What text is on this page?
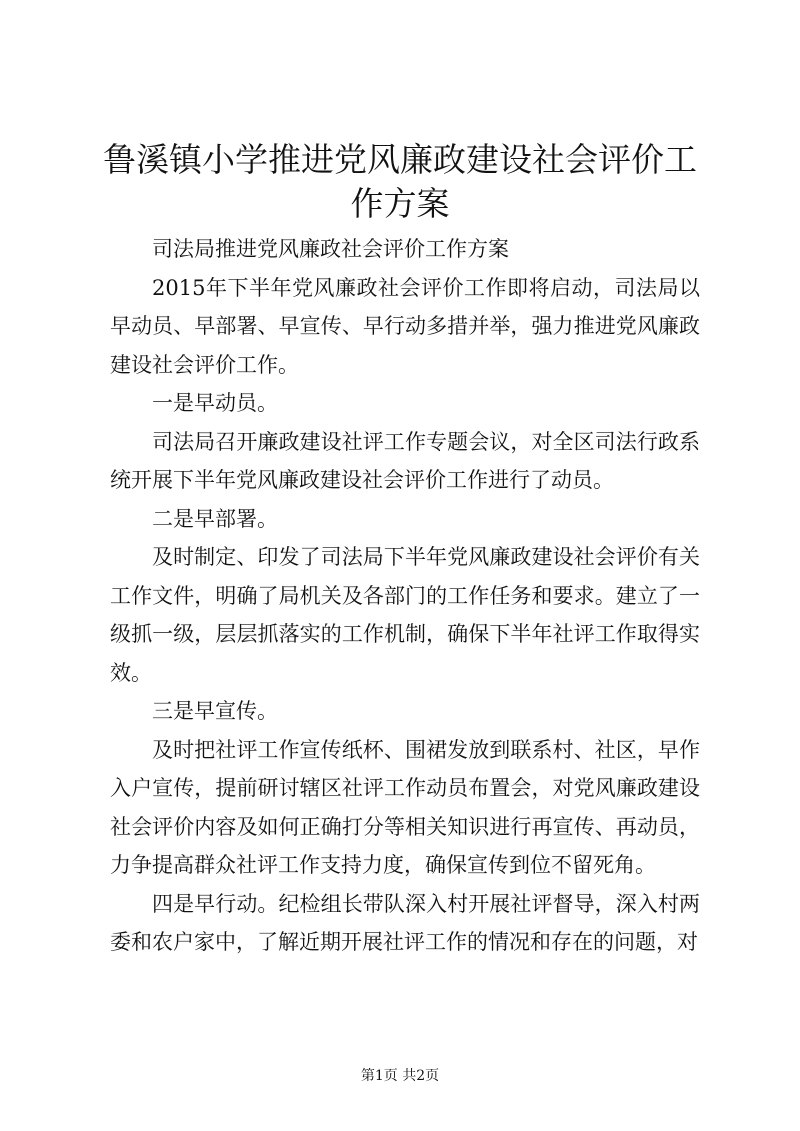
鲁溪镇小学推进党风廉政建设社会评价工作方案

司法局推进党风廉政社会评价工作方案

2015年下半年党风廉政社会评价工作即将启动，司法局以早动员、早部署、早宣传、早行动多措并举，强力推进党风廉政建设社会评价工作。

一是早动员。

司法局召开廉政建设社评工作专题会议，对全区司法行政系统开展下半年党风廉政建设社会评价工作进行了动员。

二是早部署。

及时制定、印发了司法局下半年党风廉政建设社会评价有关工作文件，明确了局机关及各部门的工作任务和要求。建立了一级抓一级，层层抓落实的工作机制，确保下半年社评工作取得实效。

三是早宣传。

及时把社评工作宣传纸杯、围裙发放到联系村、社区，早作入户宣传，提前研讨辖区社评工作动员布置会，对党风廉政建设社会评价内容及如何正确打分等相关知识进行再宣传、再动员，力争提高群众社评工作支持力度，确保宣传到位不留死角。

四是早行动。纪检组长带队深入村开展社评督导，深入村两委和农户家中，了解近期开展社评工作的情况和存在的问题，对

第1页 共2页
